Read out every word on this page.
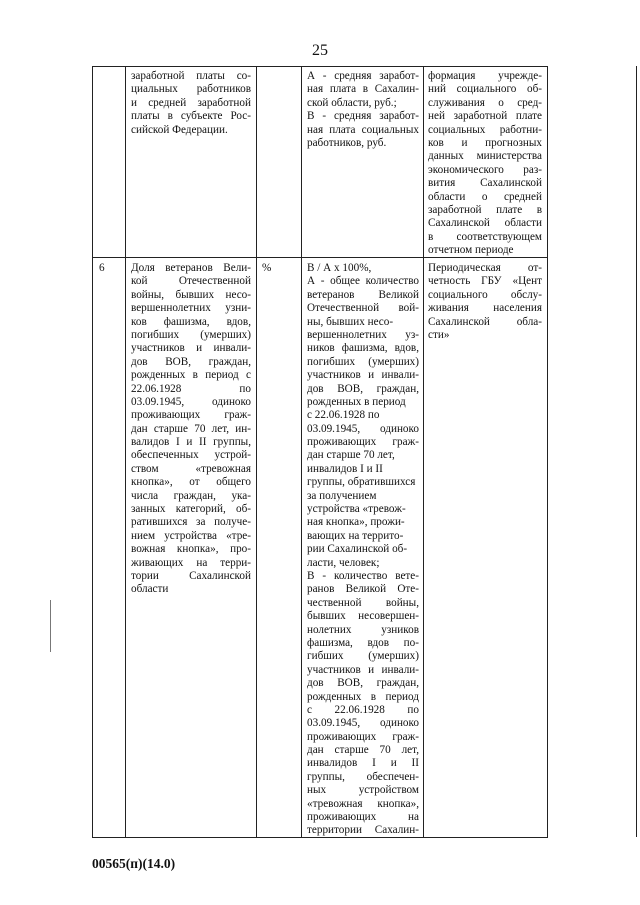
25
заработной платы со-
циальных работников
и средней заработной
платы в субъекте Рос-
сийской Федерации.
А - средняя заработ-
ная плата в Сахалин-
ской области, руб.;
В - средняя заработ-
ная плата социальных
работников, руб.
формация учрежде-
ний социального об-
служивания о сред-
ней заработной плате
социальных работни-
ков и прогнозных
данных министерства
экономического раз-
вития Сахалинской
области о средней
заработной плате в
Сахалинской области
в соответствующем
отчетном периоде
6	Доля ветеранов Вели-
кой Отечественной
войны, бывших несо-
вершеннолетних узни-
ков фашизма, вдов,
погибших (умерших)
участников и инвали-
дов ВОВ, граждан,
рожденных в период с
22.06.1928 по
03.09.1945, одиноко
проживающих граж-
дан старше 70 лет, ин-
валидов I и II группы,
обеспеченных устрой-
ством «тревожная
кнопка», от общего
числа граждан, ука-
занных категорий, об-
ратившихся за получе-
нием устройства «тре-
вожная кнопка», про-
живающих на терри-
тории Сахалинской
области
%	В / А х 100%,
А - общее количество
ветеранов Великой
Отечественной вой-
ны, бывших несо-
вершеннолетних уз-
ников фашизма, вдов,
погибших (умерших)
участников и инвали-
дов ВОВ, граждан,
рожденных в период
с 22.06.1928 по
03.09.1945, одиноко
проживающих граж-
дан старше 70 лет,
инвалидов I и II
группы, обратившихся
за получением
устройства «тревож-
ная кнопка», прожи-
вающих на террито-
рии Сахалинской об-
ласти, человек;
В - количество вете-
ранов Великой Оте-
чественной войны,
бывших несовершен-
нолетних узников
фашизма, вдов по-
гибших (умерших)
участников и инвали-
дов ВОВ, граждан,
рожденных в период
с 22.06.1928 по
03.09.1945, одиноко
проживающих граж-
дан старше 70 лет,
инвалидов I и II
группы, обеспечен-
ных устройством
«тревожная кнопка»,
проживающих на
территории Сахалин-
Периодическая от-
четность ГБУ «Цент
социального обслу-
живания населения
Сахалинской обла-
сти»
00565(п)(14.0)
